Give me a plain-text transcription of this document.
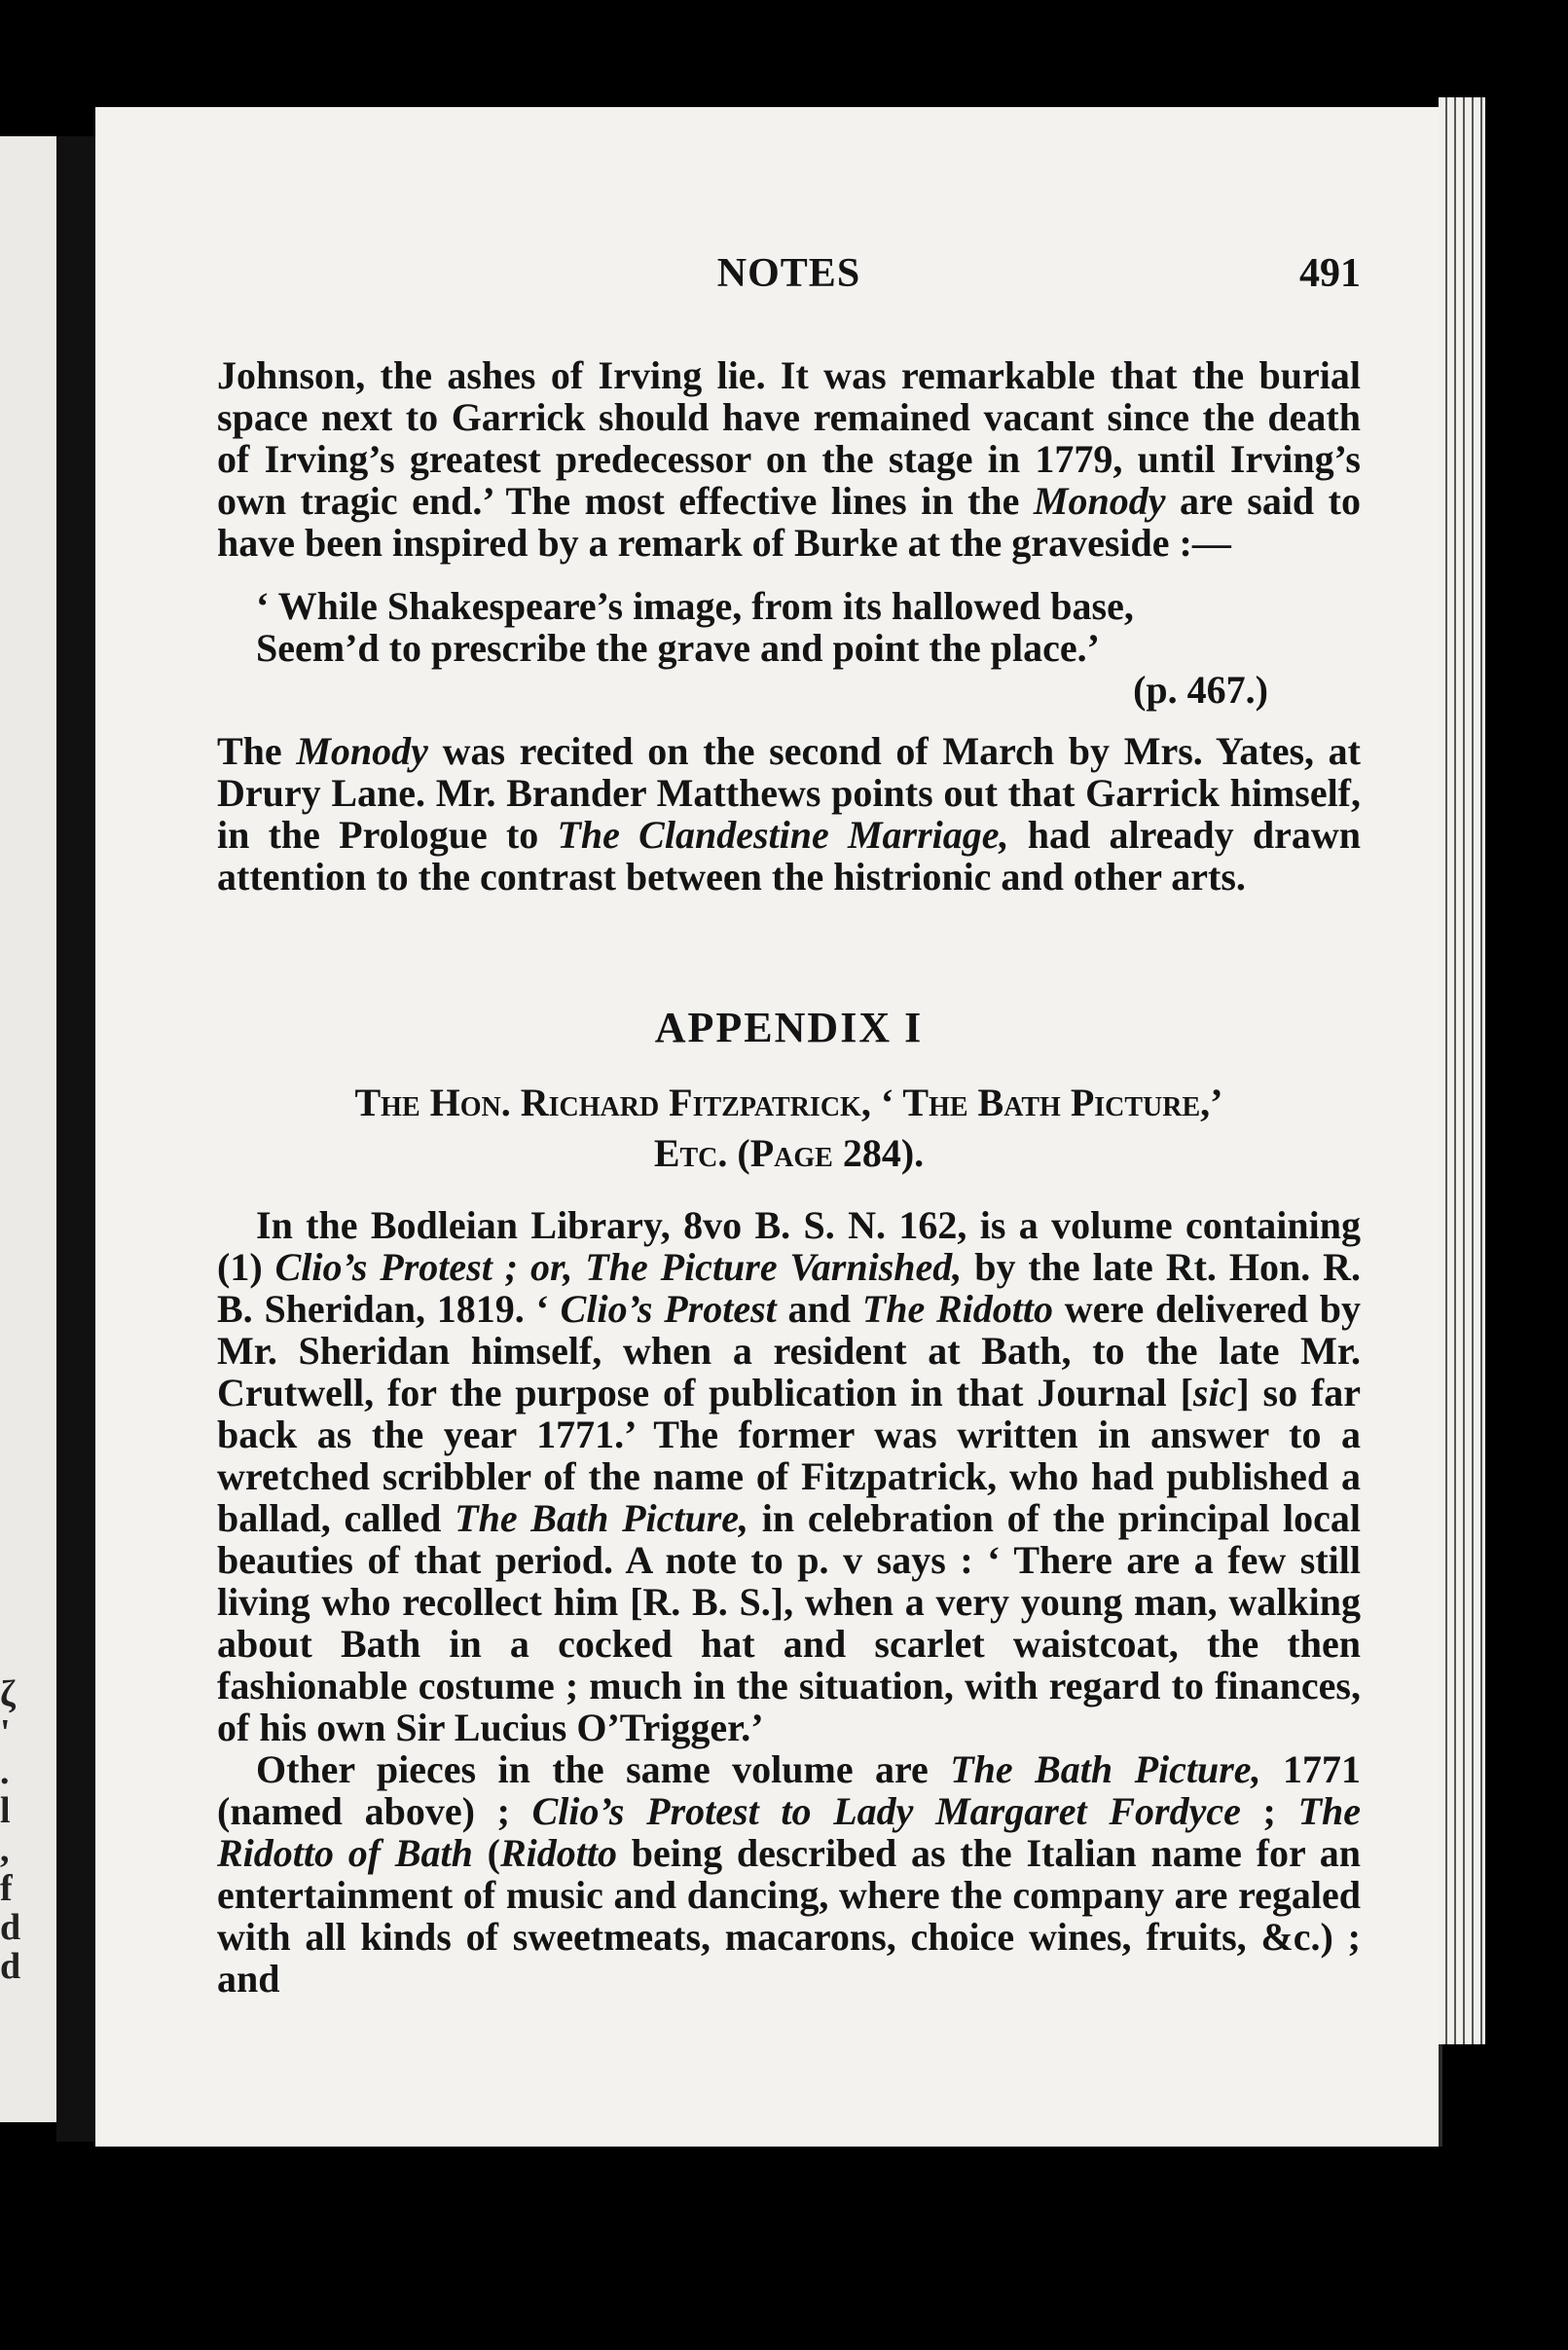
ζ
'
.
l
,
f
d
d
NOTES	491

Johnson, the ashes of Irving lie. It was remarkable that the burial space next to Garrick should have remained vacant since the death of Irving’s greatest predecessor on the stage in 1779, until Irving’s own tragic end.’ The most effective lines in the Monody are said to have been inspired by a remark of Burke at the graveside :—

‘ While Shakespeare’s image, from its hallowed base,
Seem’d to prescribe the grave and point the place.’
(p. 467.)

The Monody was recited on the second of March by Mrs. Yates, at Drury Lane. Mr. Brander Matthews points out that Garrick himself, in the Prologue to The Clandestine Marriage, had already drawn attention to the contrast between the histrionic and other arts.

APPENDIX I
The Hon. Richard Fitzpatrick, ‘ The Bath Picture,’
Etc. (Page 284).

In the Bodleian Library, 8vo B. S. N. 162, is a volume containing (1) Clio’s Protest ; or, The Picture Varnished, by the late Rt. Hon. R. B. Sheridan, 1819. ‘ Clio’s Protest and The Ridotto were delivered by Mr. Sheridan himself, when a resident at Bath, to the late Mr. Crutwell, for the purpose of publication in that Journal [sic] so far back as the year 1771.’ The former was written in answer to a wretched scribbler of the name of Fitzpatrick, who had published a ballad, called The Bath Picture, in celebration of the principal local beauties of that period. A note to p. v says : ‘ There are a few still living who recollect him [R. B. S.], when a very young man, walking about Bath in a cocked hat and scarlet waistcoat, the then fashionable costume ; much in the situation, with regard to finances, of his own Sir Lucius O’Trigger.’

Other pieces in the same volume are The Bath Picture, 1771 (named above) ; Clio’s Protest to Lady Margaret Fordyce ; The Ridotto of Bath (Ridotto being described as the Italian name for an entertainment of music and dancing, where the company are regaled with all kinds of sweetmeats, macarons, choice wines, fruits, &c.) ; and
